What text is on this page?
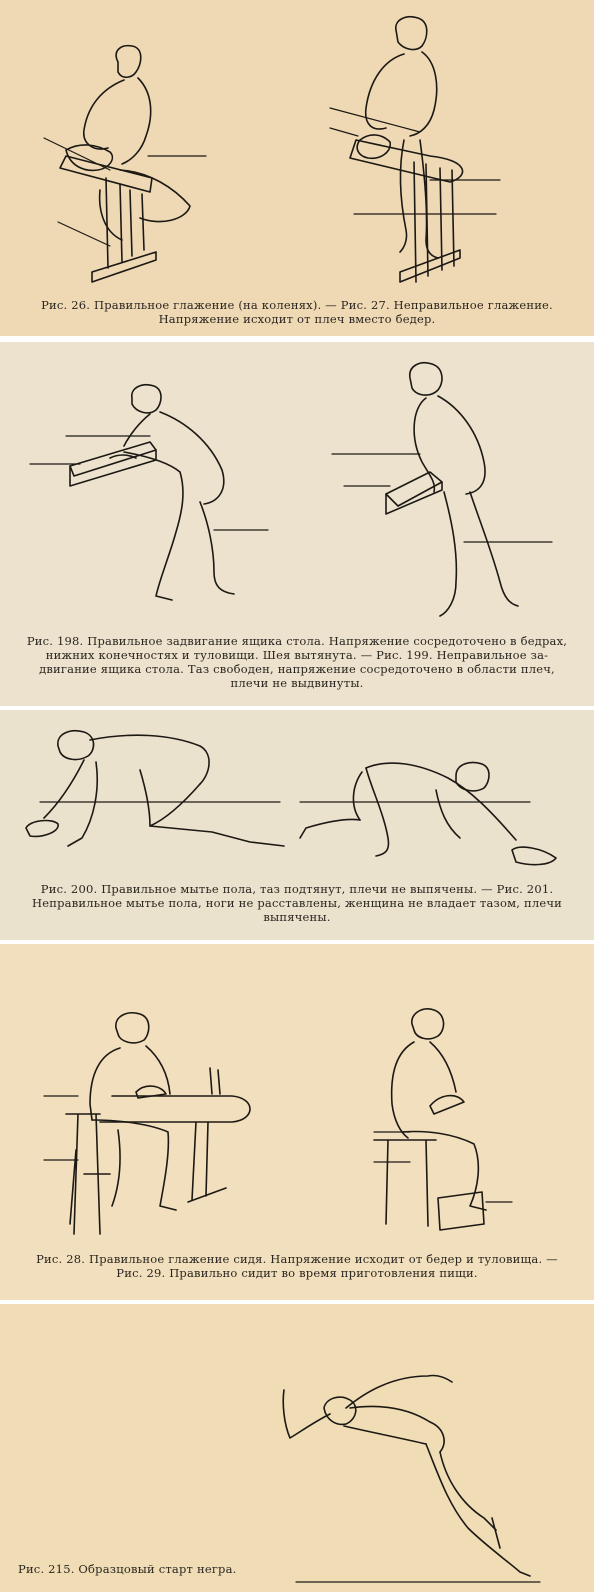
Рис. 26. Правильное глажение (на коленях). — Рис. 27. Неправильное глажение.
Напряжение исходит от плеч вместо бедер.
Рис. 198. Правильное задвигание ящика стола. Напряжение сосредоточено в бедрах,
нижних конечностях и туловищи. Шея вытянута. — Рис. 199. Неправильное за-
двигание ящика стола. Таз свободен, напряжение сосредоточено в области плеч,
плечи не выдвинуты.
Рис. 200. Правильное мытье пола, таз подтянут, плечи не выпячены. — Рис. 201.
Неправильное мытье пола, ноги не расставлены, женщина не владает тазом, плечи
выпячены.
Рис. 28. Правильное глажение сидя. Напряжение исходит от бедер и туловища. —
Рис. 29. Правильно сидит во время приготовления пищи.
Рис. 215. Образцовый старт негра.
